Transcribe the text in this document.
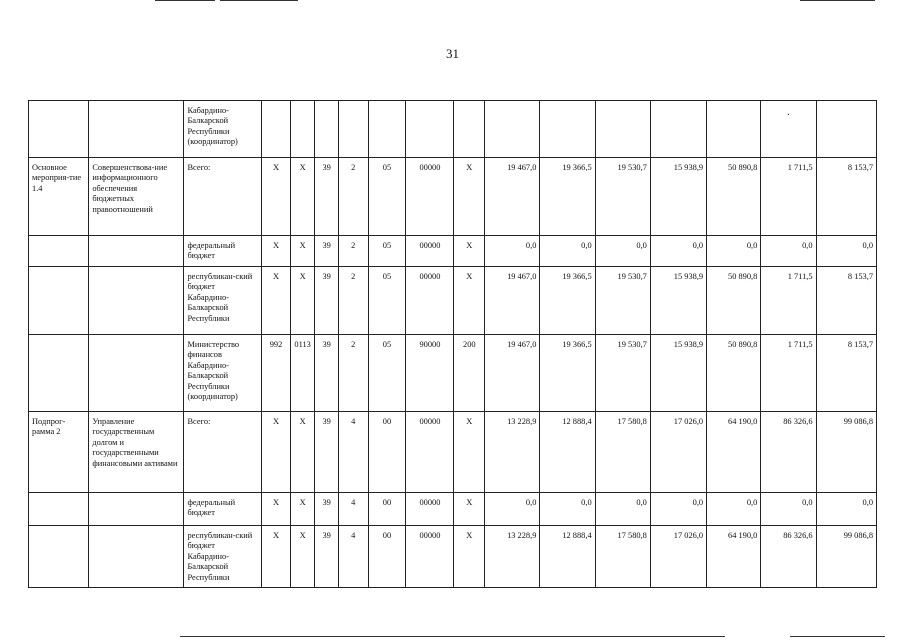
31
		Кабардино-Балкарской Республики (координатор)													·	

Основное мероприя-тие 1.4	Совершенствова-ние информационного обеспечения бюджетных правоотношений	Всего:	Х	Х	39	2	05	00000	Х	19 467,0	19 366,5	19 530,7	15 938,9	50 890,8	1 711,5	8 153,7
		федеральный бюджет	Х	Х	39	2	05	00000	Х	0,0	0,0	0,0	0,0	0,0	0,0	0,0
		республикан-ский бюджет Кабардино-Балкарской Республики	Х	Х	39	2	05	00000	Х	19 467,0	19 366,5	19 530,7	15 938,9	50 890,8	1 711,5	8 153,7
		Министерство финансов Кабардино-Балкарской Республики (координатор)	992	0113	39	2	05	90000	200	19 467,0	19 366,5	19 530,7	15 938,9	50 890,8	1 711,5	8 153,7
Подпрог-рамма 2	Управление государственным долгом и государственными финансовыми активами	Всего:	Х	Х	39	4	00	00000	Х	13 228,9	12 888,4	17 580,8	17 026,0	64 190,0	86 326,6	99 086,8
		федеральный бюджет	Х	Х	39	4	00	00000	Х	0,0	0,0	0,0	0,0	0,0	0,0	0,0
		республикан-ский бюджет Кабардино-Балкарской Республики	Х	Х	39	4	00	00000	Х	13 228,9	12 888,4	17 580,8	17 026,0	64 190,0	86 326,6	99 086,8
